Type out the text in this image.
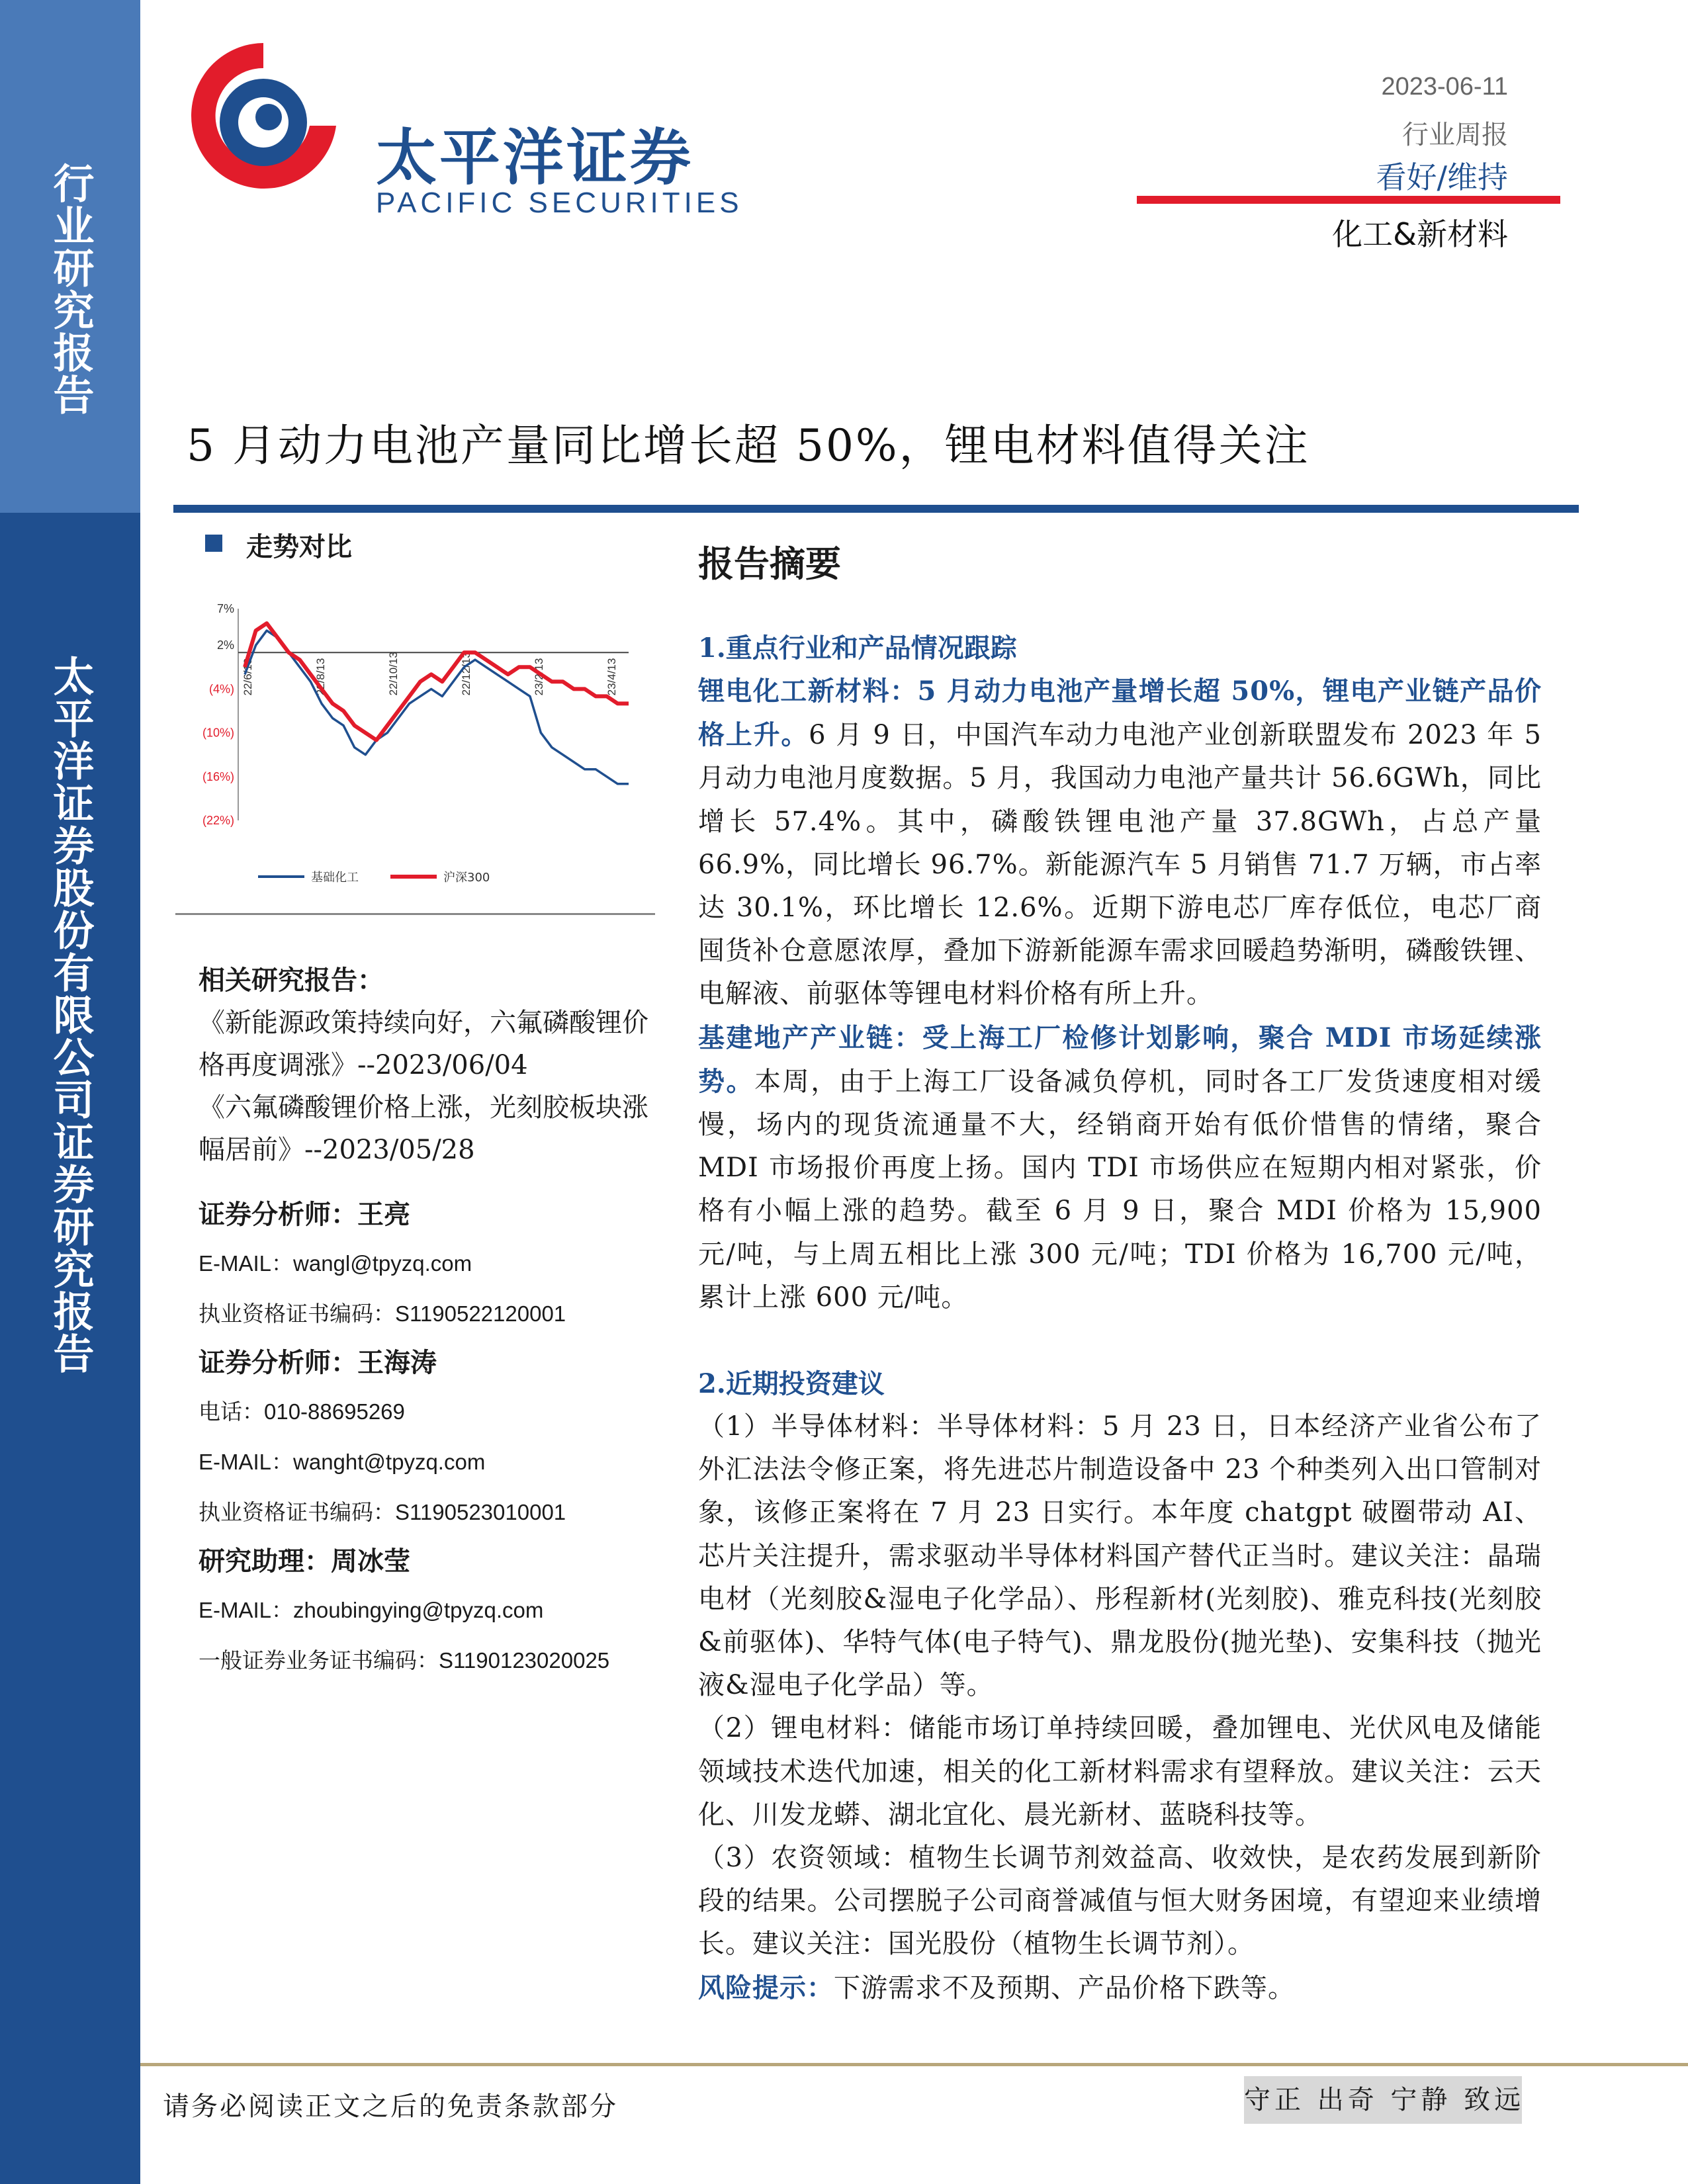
行业研究报告
太平洋证券股份有限公司证券研究报告
太平洋证券
PACIFIC SECURITIES
2023-06-11
行业周报
看好/维持
化工&新材料
5 月动力电池产量同比增长超 50%，锂电材料值得关注
走势对比
7%
2%
(4%)
(10%)
(16%)
(22%)
22/6/13	22/8/13	22/10/13	22/12/13	23/2/13	23/4/13
基础化工	沪深300

相关研究报告：

《新能源政策持续向好，六氟磷酸锂价格再度调涨》--2023/06/04

《六氟磷酸锂价格上涨，光刻胶板块涨幅居前》--2023/05/28

证券分析师：王亮

E-MAIL：wangl@tpyzq.com

执业资格证书编码：S1190522120001

证券分析师：王海涛

电话：010-88695269

E-MAIL：wanght@tpyzq.com

执业资格证书编码：S1190523010001

研究助理：周冰莹

E-MAIL：zhoubingying@tpyzq.com

一般证券业务证书编码：S1190123020025

报告摘要

1.重点行业和产品情况跟踪

锂电化工新材料：5 月动力电池产量增长超 50%，锂电产业链产品价格上升。6 月 9 日，中国汽车动力电池产业创新联盟发布 2023 年 5 月动力电池月度数据。5 月，我国动力电池产量共计 56.6GWh，同比增长 57.4%。其中，磷酸铁锂电池产量 37.8GWh，占总产量 66.9%，同比增长 96.7%。新能源汽车 5 月销售 71.7 万辆，市占率达 30.1%，环比增长 12.6%。近期下游电芯厂库存低位，电芯厂商囤货补仓意愿浓厚，叠加下游新能源车需求回暖趋势渐明，磷酸铁锂、电解液、前驱体等锂电材料价格有所上升。

基建地产产业链：受上海工厂检修计划影响，聚合 MDI 市场延续涨势。本周，由于上海工厂设备减负停机，同时各工厂发货速度相对缓慢，场内的现货流通量不大，经销商开始有低价惜售的情绪，聚合 MDI 市场报价再度上扬。国内 TDI 市场供应在短期内相对紧张，价格有小幅上涨的趋势。截至 6 月 9 日，聚合 MDI 价格为 15,900 元/吨，与上周五相比上涨 300 元/吨；TDI 价格为 16,700 元/吨，累计上涨 600 元/吨。

2.近期投资建议

（1）半导体材料：半导体材料：5 月 23 日，日本经济产业省公布了外汇法法令修正案，将先进芯片制造设备中 23 个种类列入出口管制对象，该修正案将在 7 月 23 日实行。本年度 chatgpt 破圈带动 AI、芯片关注提升，需求驱动半导体材料国产替代正当时。建议关注：晶瑞电材（光刻胶&湿电子化学品）、彤程新材(光刻胶)、雅克科技(光刻胶&前驱体)、华特气体(电子特气)、鼎龙股份(抛光垫)、安集科技（抛光液&湿电子化学品）等。

（2）锂电材料：储能市场订单持续回暖，叠加锂电、光伏风电及储能领域技术迭代加速，相关的化工新材料需求有望释放。建议关注：云天化、川发龙蟒、湖北宜化、晨光新材、蓝晓科技等。

（3）农资领域：植物生长调节剂效益高、收效快，是农药发展到新阶段的结果。公司摆脱子公司商誉减值与恒大财务困境，有望迎来业绩增长。建议关注：国光股份（植物生长调节剂）。

风险提示：下游需求不及预期、产品价格下跌等。

请务必阅读正文之后的免责条款部分	守正 出奇 宁静 致远
